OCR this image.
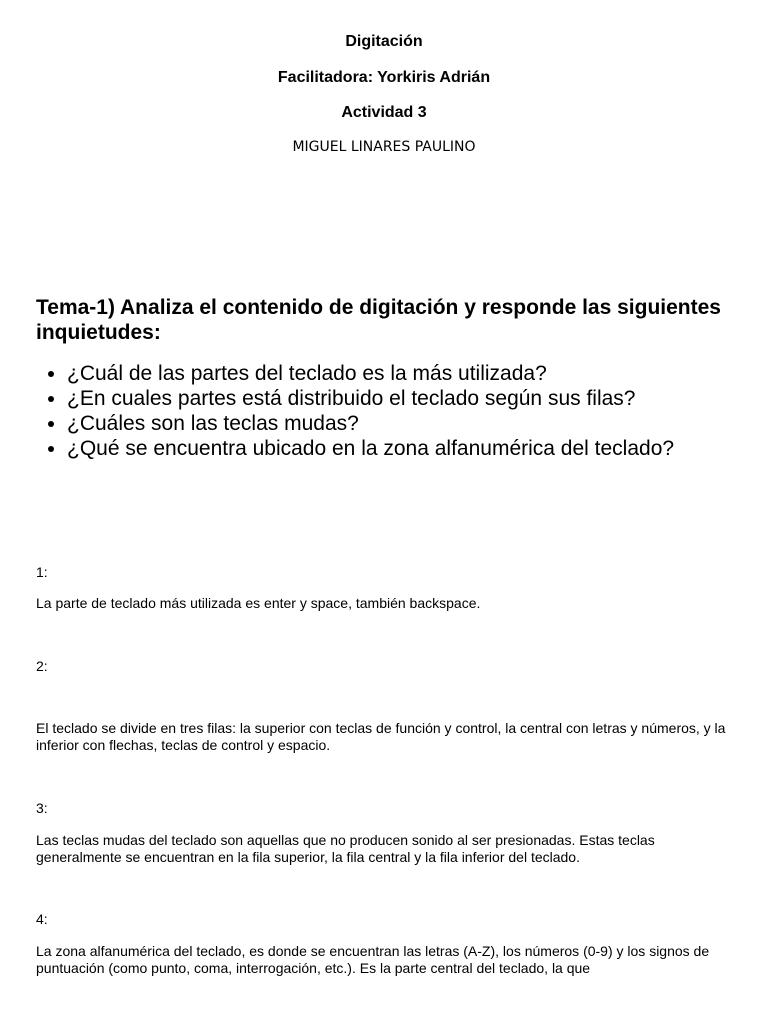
Digitación
Facilitadora: Yorkiris Adrián
Actividad 3
MIGUEL LINARES PAULINO
Tema-1) Analiza el contenido de digitación y responde las siguientes inquietudes:
• ¿Cuál de las partes del teclado es la más utilizada?
• ¿En cuales partes está distribuido el teclado según sus filas?
• ¿Cuáles son las teclas mudas?
• ¿Qué se encuentra ubicado en la zona alfanumérica del teclado?
1:

La parte de teclado más utilizada es enter y space, también backspace.

2:

El teclado se divide en tres filas: la superior con teclas de función y control, la central con letras y números, y la inferior con flechas, teclas de control y espacio.

3:

Las teclas mudas del teclado son aquellas que no producen sonido al ser presionadas. Estas teclas generalmente se encuentran en la fila superior, la fila central y la fila inferior del teclado.

4:

La zona alfanumérica del teclado, es donde se encuentran las letras (A-Z), los números (0-9) y los signos de puntuación (como punto, coma, interrogación, etc.). Es la parte central del teclado, la que
